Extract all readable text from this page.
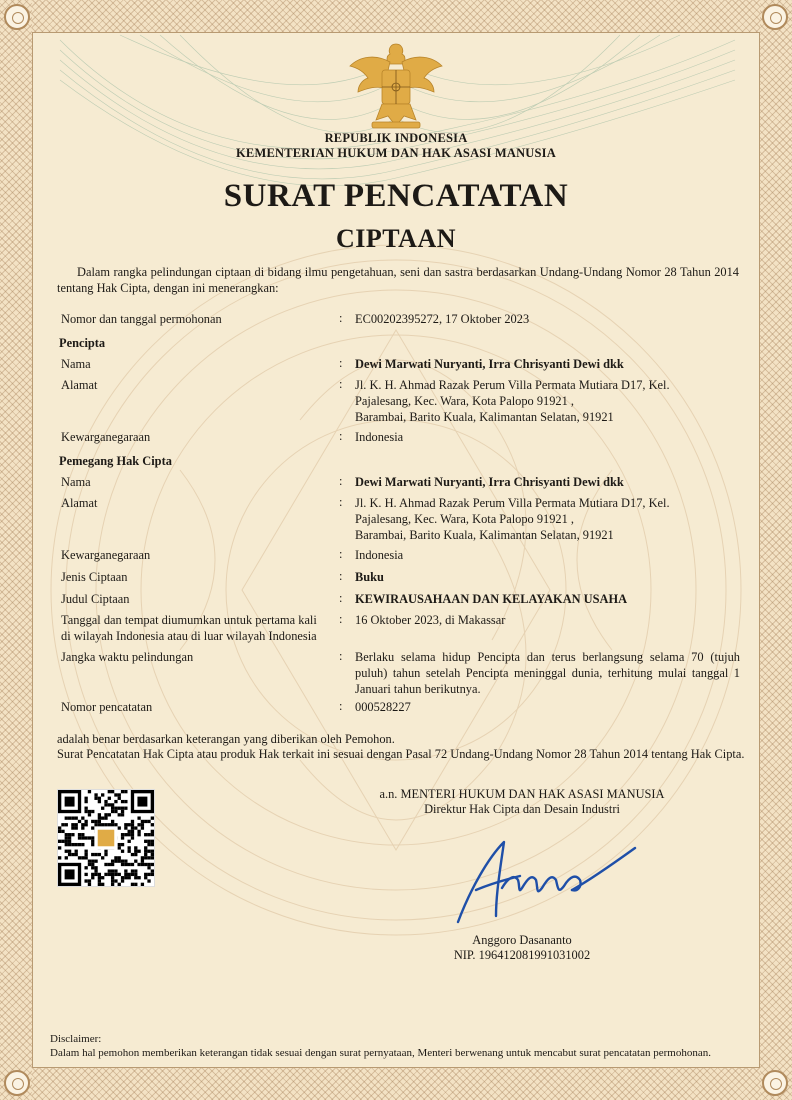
REPUBLIK INDONESIA
KEMENTERIAN HUKUM DAN HAK ASASI MANUSIA
SURAT PENCATATAN
CIPTAAN
Dalam rangka pelindungan ciptaan di bidang ilmu pengetahuan, seni dan sastra berdasarkan Undang-Undang Nomor 28 Tahun 2014 tentang Hak Cipta, dengan ini menerangkan:
Nomor dan tanggal permohonan	: EC00202395272, 17 Oktober 2023
Pencipta
Nama	: Dewi Marwati Nuryanti, Irra Chrisyanti Dewi dkk
Alamat	: Jl. K. H. Ahmad Razak Perum Villa Permata Mutiara D17, Kel.
Pajalesang, Kec. Wara, Kota Palopo 91921 ,
Barambai, Barito Kuala, Kalimantan Selatan, 91921
Kewarganegaraan	: Indonesia
Pemegang Hak Cipta
Nama	: Dewi Marwati Nuryanti, Irra Chrisyanti Dewi dkk
Alamat	: Jl. K. H. Ahmad Razak Perum Villa Permata Mutiara D17, Kel.
Pajalesang, Kec. Wara, Kota Palopo 91921 ,
Barambai, Barito Kuala, Kalimantan Selatan, 91921
Kewarganegaraan	: Indonesia
Jenis Ciptaan	: Buku
Judul Ciptaan	: KEWIRAUSAHAAN DAN KELAYAKAN USAHA
Tanggal dan tempat diumumkan untuk pertama kali
di wilayah Indonesia atau di luar wilayah Indonesia
: 16 Oktober 2023, di Makassar
Jangka waktu pelindungan	: Berlaku selama hidup Pencipta dan terus berlangsung selama 70 (tujuh puluh) tahun setelah Pencipta meninggal dunia, terhitung mulai tanggal 1 Januari tahun berikutnya.
Nomor pencatatan	: 000528227
adalah benar berdasarkan keterangan yang diberikan oleh Pemohon.
Surat Pencatatan Hak Cipta atau produk Hak terkait ini sesuai dengan Pasal 72 Undang-Undang Nomor 28 Tahun 2014 tentang Hak Cipta.
a.n. MENTERI HUKUM DAN HAK ASASI MANUSIA
Direktur Hak Cipta dan Desain Industri
Anggoro Dasananto
NIP. 196412081991031002
Disclaimer:
Dalam hal pemohon memberikan keterangan tidak sesuai dengan surat pernyataan, Menteri berwenang untuk mencabut surat pencatatan permohonan.
